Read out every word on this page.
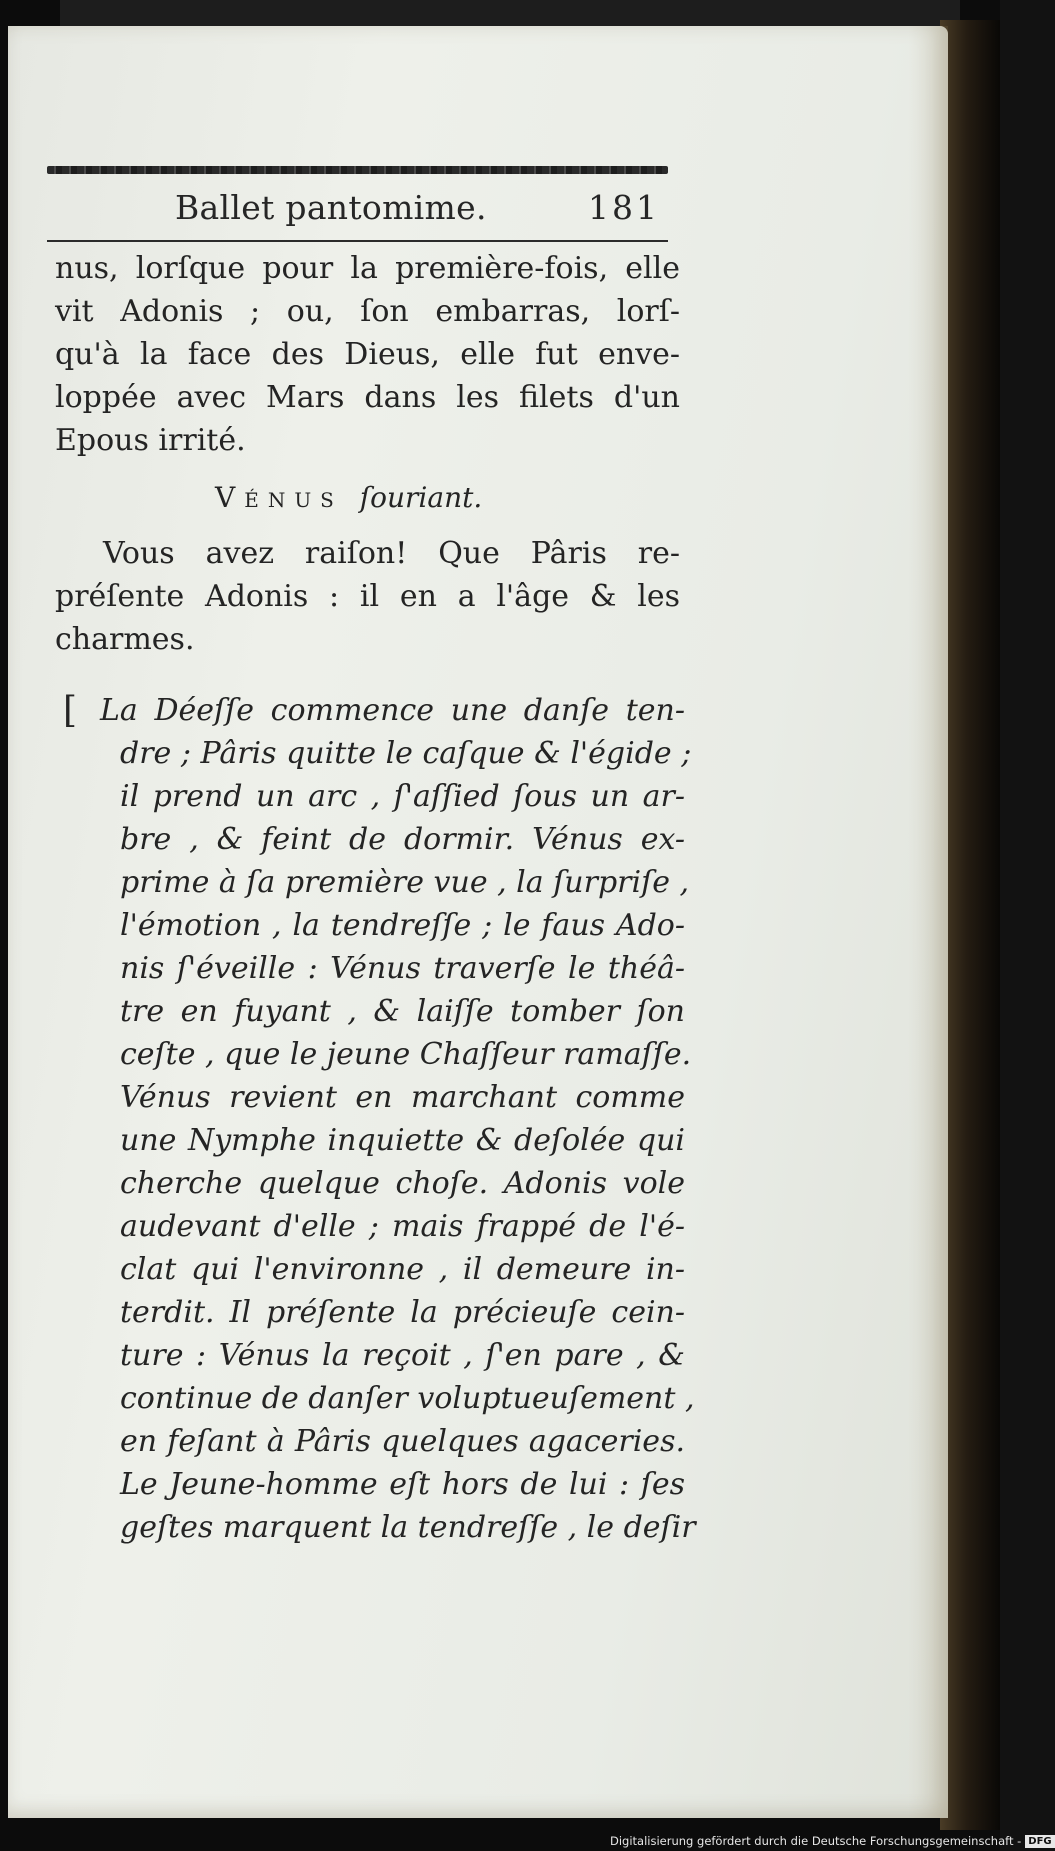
Ballet pantomime.	181

nus, lorſque pour la première-fois, elle

vit Adonis ; ou, ſon embarras, lorſ-

qu'à la face des Dieus, elle fut enve-

loppée avec Mars dans les filets d'un

Epous irrité.

Vénus ſouriant.

Vous avez raiſon! Que Pâris re-

préſente Adonis : il en a l'âge & les

charmes.

[ La Déeſſe commence une danſe ten-

dre ; Pâris quitte le caſque & l'égide ;

il prend un arc , ſ'aſſied ſous un ar-

bre , & feint de dormir. Vénus ex-

prime à ſa première vue , la ſurpriſe ,

l'émotion , la tendreſſe ; le faus Ado-

nis ſ'éveille : Vénus traverſe le théâ-

tre en fuyant , & laiſſe tomber ſon

ceſte , que le jeune Chaſſeur ramaſſe.

Vénus revient en marchant comme

une Nymphe inquiette & deſolée qui

cherche quelque choſe. Adonis vole

audevant d'elle ; mais frappé de l'é-

clat qui l'environne , il demeure in-

terdit. Il préſente la précieuſe cein-

ture : Vénus la reçoit , ſ'en pare , &

continue de danſer voluptueuſement ,

en feſant à Pâris quelques agaceries.

Le Jeune-homme eſt hors de lui : ſes

geſtes marquent la tendreſſe , le deſir

Digitalisierung gefördert durch die Deutsche Forschungsgemeinschaft - DFG
